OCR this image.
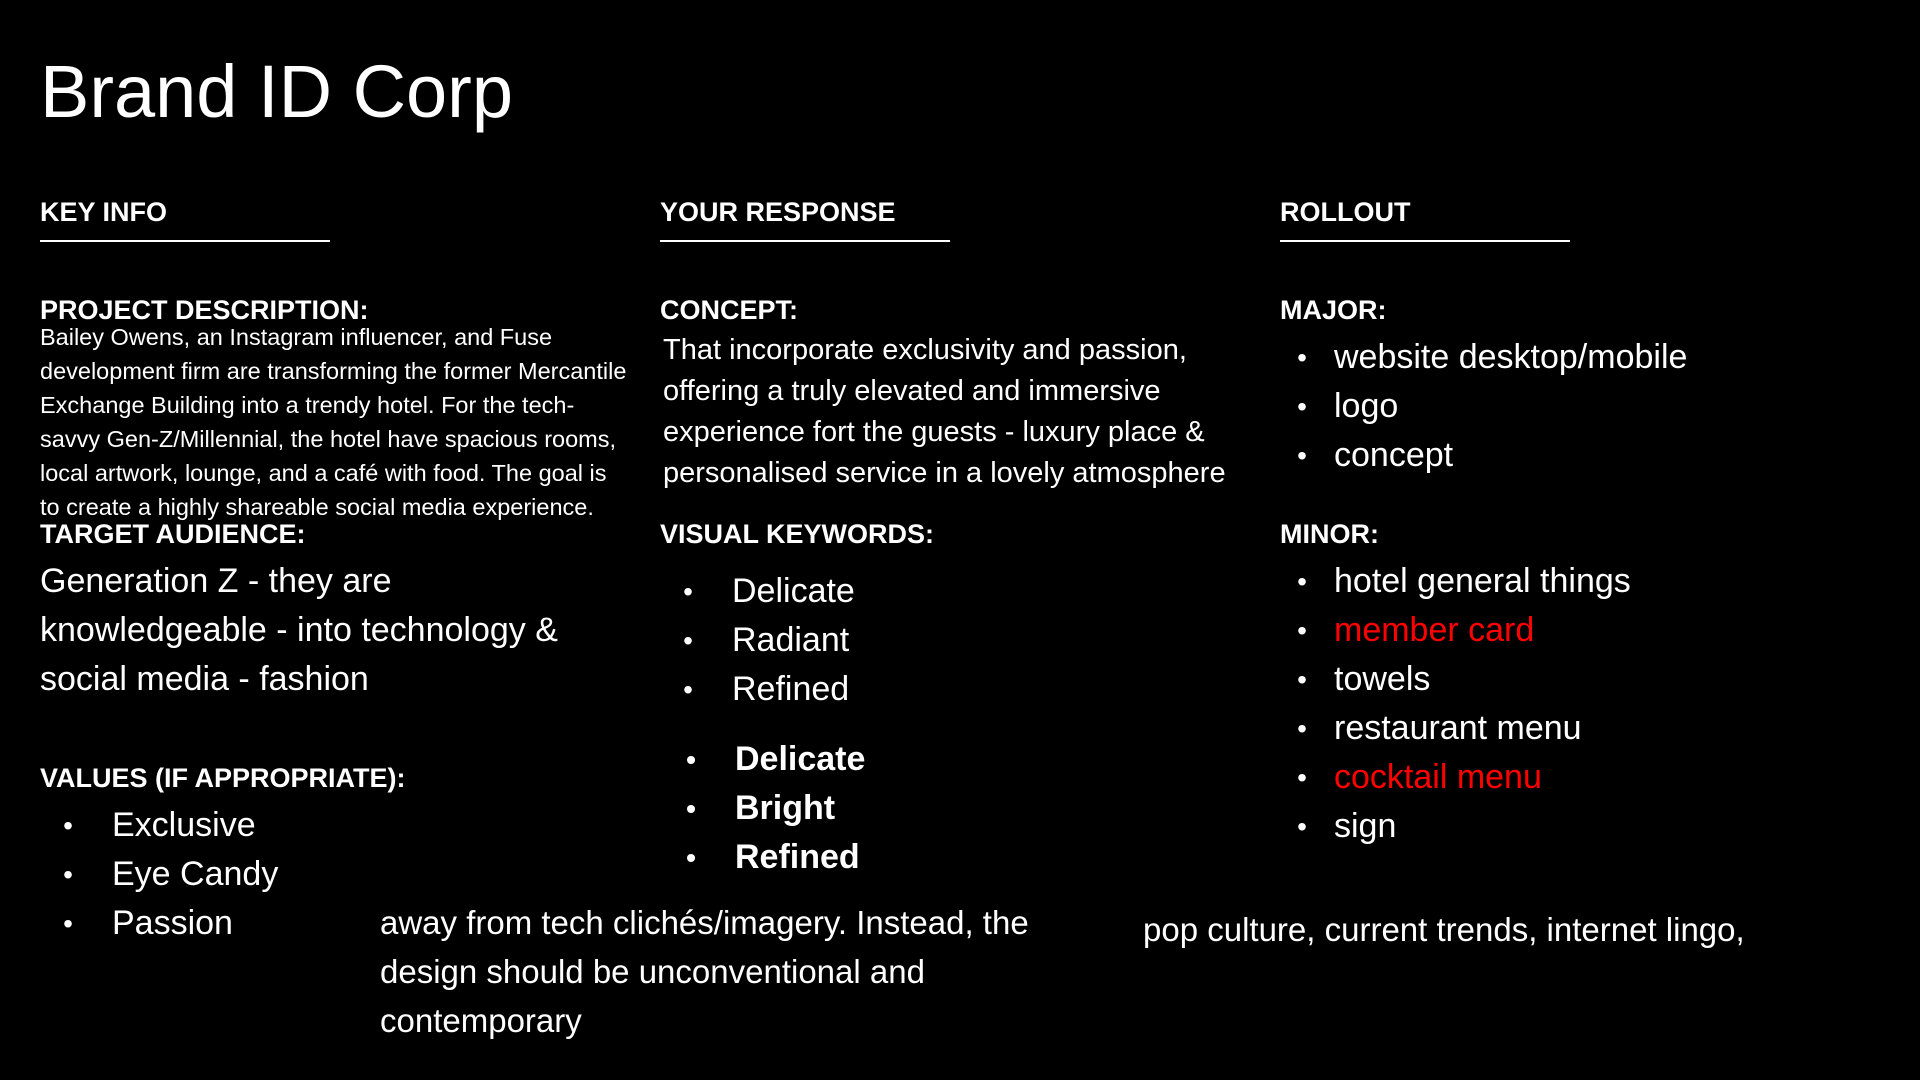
Brand ID Corp
KEY INFO	YOUR RESPONSE	ROLLOUT
PROJECT DESCRIPTION:
Bailey Owens, an Instagram influencer, and Fuse
development firm are transforming the former Mercantile
Exchange Building into a trendy hotel. For the tech-
savvy Gen-Z/Millennial, the hotel have spacious rooms,
local artwork, lounge, and a café with food. The goal is
to create a highly shareable social media experience.
TARGET AUDIENCE:
Generation Z - they are
knowledgeable - into technology &
social media - fashion
VALUES (IF APPROPRIATE):
• Exclusive
• Eye Candy
• Passion
CONCEPT:
That incorporate exclusivity and passion,
offering a truly elevated and immersive
experience fort the guests - luxury place &
personalised service in a lovely atmosphere
VISUAL KEYWORDS:
• Delicate
• Radiant
• Refined
• Delicate
• Bright
• Refined
MAJOR:
• website desktop/mobile
• logo
• concept
MINOR:
• hotel general things
• member card
• towels
• restaurant menu
• cocktail menu
• sign
away from tech clichés/imagery. Instead, the
design should be unconventional and
contemporary
pop culture, current trends, internet lingo,
